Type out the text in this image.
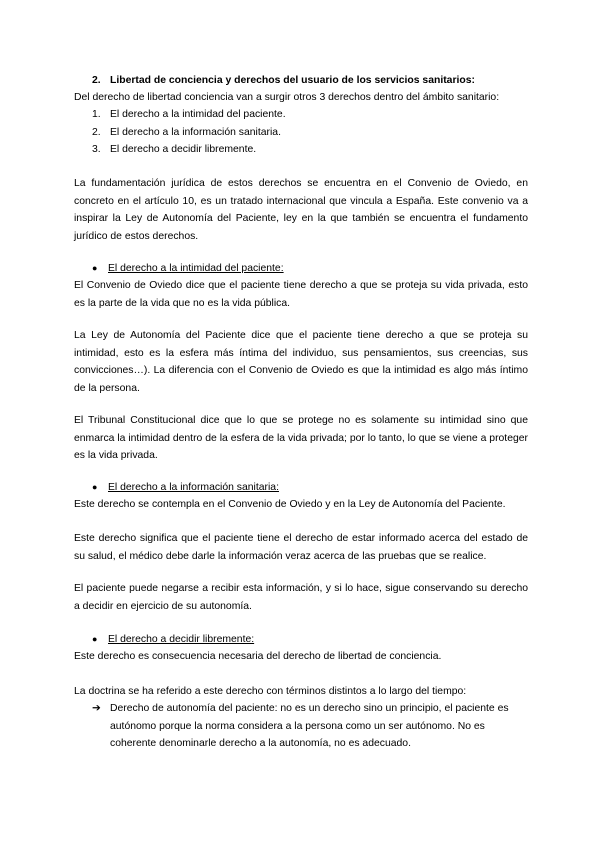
2. Libertad de conciencia y derechos del usuario de los servicios sanitarios:
Del derecho de libertad conciencia van a surgir otros 3 derechos dentro del ámbito sanitario:
1. El derecho a la intimidad del paciente.
2. El derecho a la información sanitaria.
3. El derecho a decidir libremente.
La fundamentación jurídica de estos derechos se encuentra en el Convenio de Oviedo, en concreto en el artículo 10, es un tratado internacional que vincula a España. Este convenio va a inspirar la Ley de Autonomía del Paciente, ley en la que también se encuentra el fundamento jurídico de estos derechos.
●	El derecho a la intimidad del paciente:
El Convenio de Oviedo dice que el paciente tiene derecho a que se proteja su vida privada, esto es la parte de la vida que no es la vida pública.
La Ley de Autonomía del Paciente dice que el paciente tiene derecho a que se proteja su intimidad, esto es la esfera más íntima del individuo, sus pensamientos, sus creencias, sus convicciones…). La diferencia con el Convenio de Oviedo es que la intimidad es algo más íntimo de la persona.
El Tribunal Constitucional dice que lo que se protege no es solamente su intimidad sino que enmarca la intimidad dentro de la esfera de la vida privada; por lo tanto, lo que se viene a proteger es la vida privada.
●	El derecho a la información sanitaria:
Este derecho se contempla en el Convenio de Oviedo y en la Ley de Autonomía del Paciente.
Este derecho significa que el paciente tiene el derecho de estar informado acerca del estado de su salud, el médico debe darle la información veraz acerca de las pruebas que se realice.
El paciente puede negarse a recibir esta información, y si lo hace, sigue conservando su derecho a decidir en ejercicio de su autonomía.
●	El derecho a decidir libremente:
Este derecho es consecuencia necesaria del derecho de libertad de conciencia.
La doctrina se ha referido a este derecho con términos distintos a lo largo del tiempo:
➔ Derecho de autonomía del paciente: no es un derecho sino un principio, el paciente es autónomo porque la norma considera a la persona como un ser autónomo. No es coherente denominarle derecho a la autonomía, no es adecuado.
